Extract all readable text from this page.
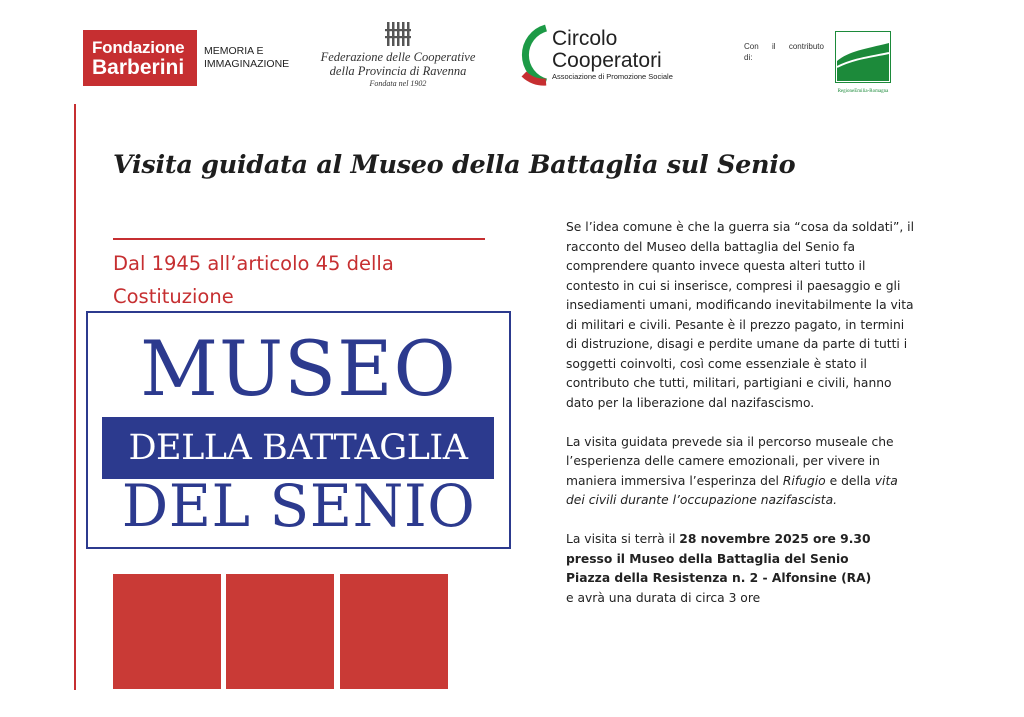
Fondazione
Barberini
MEMORIA E
IMMAGINAZIONE	Federazione delle Cooperative
della Provincia di Ravenna
Fondata nel 1902
Circolo
Cooperatori
Associazione di Promozione Sociale
Con il contributo
di:
RegioneEmilia-Romagna
Visita guidata al Museo della Battaglia sul Senio
Dal 1945 all’articolo 45 della
Costituzione
MUSEO
DELLA BATTAGLIA
DEL SENIO

Se l’idea comune è che la guerra sia “cosa da soldati”, il
racconto del Museo della battaglia del Senio fa
comprendere quanto invece questa alteri tutto il
contesto in cui si inserisce, compresi il paesaggio e gli
insediamenti umani, modificando inevitabilmente la vita
di militari e civili. Pesante è il prezzo pagato, in termini
di distruzione, disagi e perdite umane da parte di tutti i
soggetti coinvolti, così come essenziale è stato il
contributo che tutti, militari, partigiani e civili, hanno
dato per la liberazione dal nazifascismo.

La visita guidata prevede sia il percorso museale che
l’esperienza delle camere emozionali, per vivere in
maniera immersiva l’esperinza del Rifugio e della vita
dei civili durante l’occupazione nazifascista.

La visita si terrà il 28 novembre 2025 ore 9.30
presso il Museo della Battaglia del Senio
Piazza della Resistenza n. 2 - Alfonsine (RA)
e avrà una durata di circa 3 ore
